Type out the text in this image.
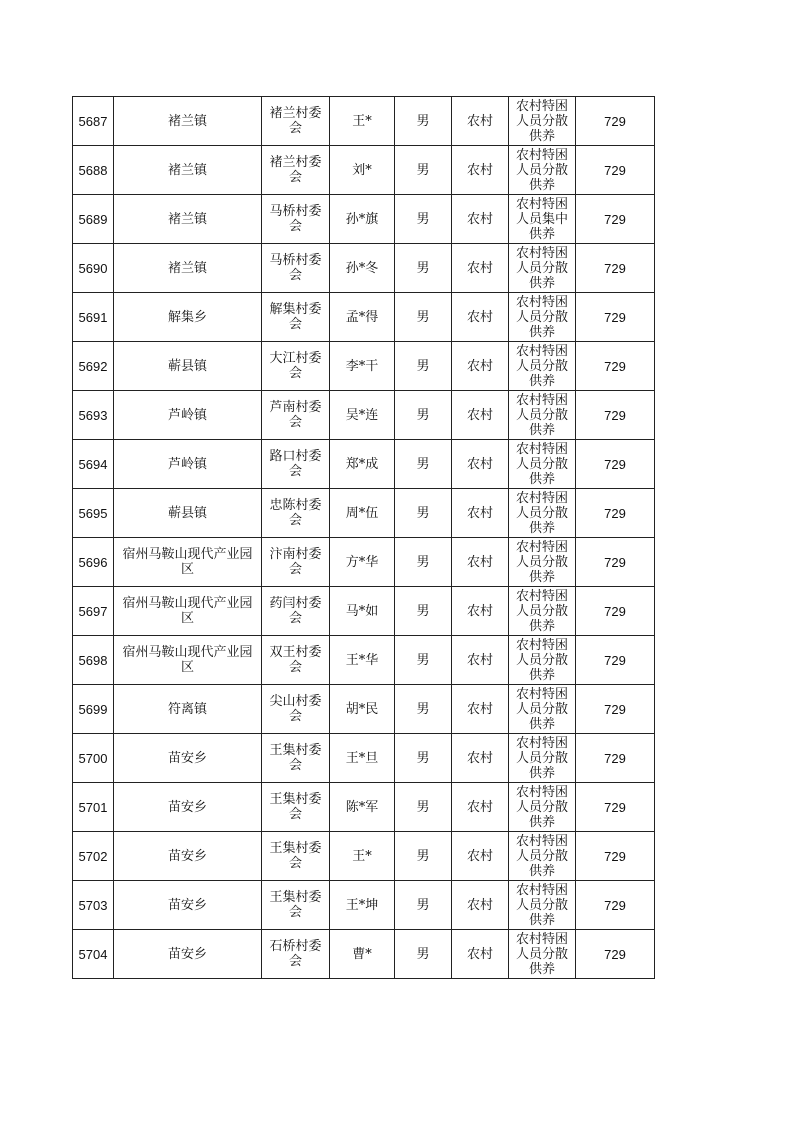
5687	褚兰镇	褚兰村委会	王*	男	农村	农村特困人员分散供养	729
5688	褚兰镇	褚兰村委会	刘*	男	农村	农村特困人员分散供养	729
5689	褚兰镇	马桥村委会	孙*旗	男	农村	农村特困人员集中供养	729
5690	褚兰镇	马桥村委会	孙*冬	男	农村	农村特困人员分散供养	729
5691	解集乡	解集村委会	孟*得	男	农村	农村特困人员分散供养	729
5692	蕲县镇	大江村委会	李*干	男	农村	农村特困人员分散供养	729
5693	芦岭镇	芦南村委会	吴*连	男	农村	农村特困人员分散供养	729
5694	芦岭镇	路口村委会	郑*成	男	农村	农村特困人员分散供养	729
5695	蕲县镇	忠陈村委会	周*伍	男	农村	农村特困人员分散供养	729
5696	宿州马鞍山现代产业园区	汴南村委会	方*华	男	农村	农村特困人员分散供养	729
5697	宿州马鞍山现代产业园区	药闫村委会	马*如	男	农村	农村特困人员分散供养	729
5698	宿州马鞍山现代产业园区	双王村委会	王*华	男	农村	农村特困人员分散供养	729
5699	符离镇	尖山村委会	胡*民	男	农村	农村特困人员分散供养	729
5700	苗安乡	王集村委会	王*旦	男	农村	农村特困人员分散供养	729
5701	苗安乡	王集村委会	陈*军	男	农村	农村特困人员分散供养	729
5702	苗安乡	王集村委会	王*	男	农村	农村特困人员分散供养	729
5703	苗安乡	王集村委会	王*坤	男	农村	农村特困人员分散供养	729
5704	苗安乡	石桥村委会	曹*	男	农村	农村特困人员分散供养	729
